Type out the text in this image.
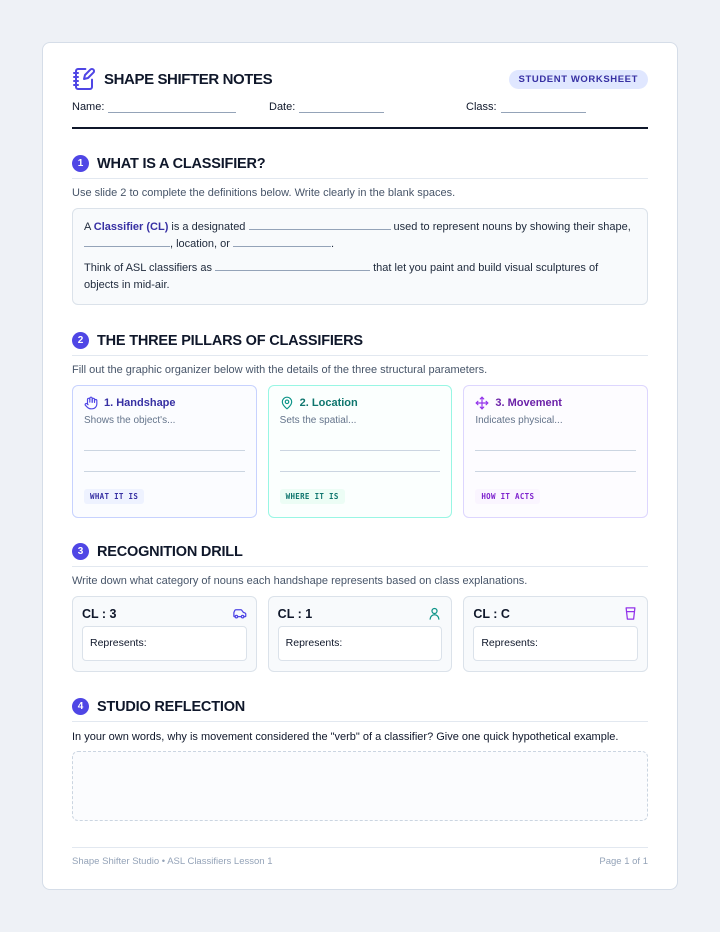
SHAPE SHIFTER NOTES	STUDENT WORKSHEET
Name:	Date:	Class:
1 WHAT IS A CLASSIFIER?
Use slide 2 to complete the definitions below. Write clearly in the blank spaces.

A Classifier (CL) is a designated	used to represent nouns by showing their shape,
, location, or	.

Think of ASL classifiers as	that let you paint and build visual sculptures of objects in mid-air.

2 THE THREE PILLARS OF CLASSIFIERS
Fill out the graphic organizer below with the details of the three structural parameters.
1. Handshape
Shows the object's...
WHAT IT IS
2. Location
Sets the spatial...
WHERE IT IS
3. Movement
Indicates physical...
HOW IT ACTS
3 RECOGNITION DRILL
Write down what category of nouns each handshape represents based on class explanations.
CL : 3
Represents:
CL : 1
Represents:
CL : C
Represents:
4 STUDIO REFLECTION
In your own words, why is movement considered the "verb" of a classifier? Give one quick hypothetical example.
Shape Shifter Studio • ASL Classifiers Lesson 1	Page 1 of 1
